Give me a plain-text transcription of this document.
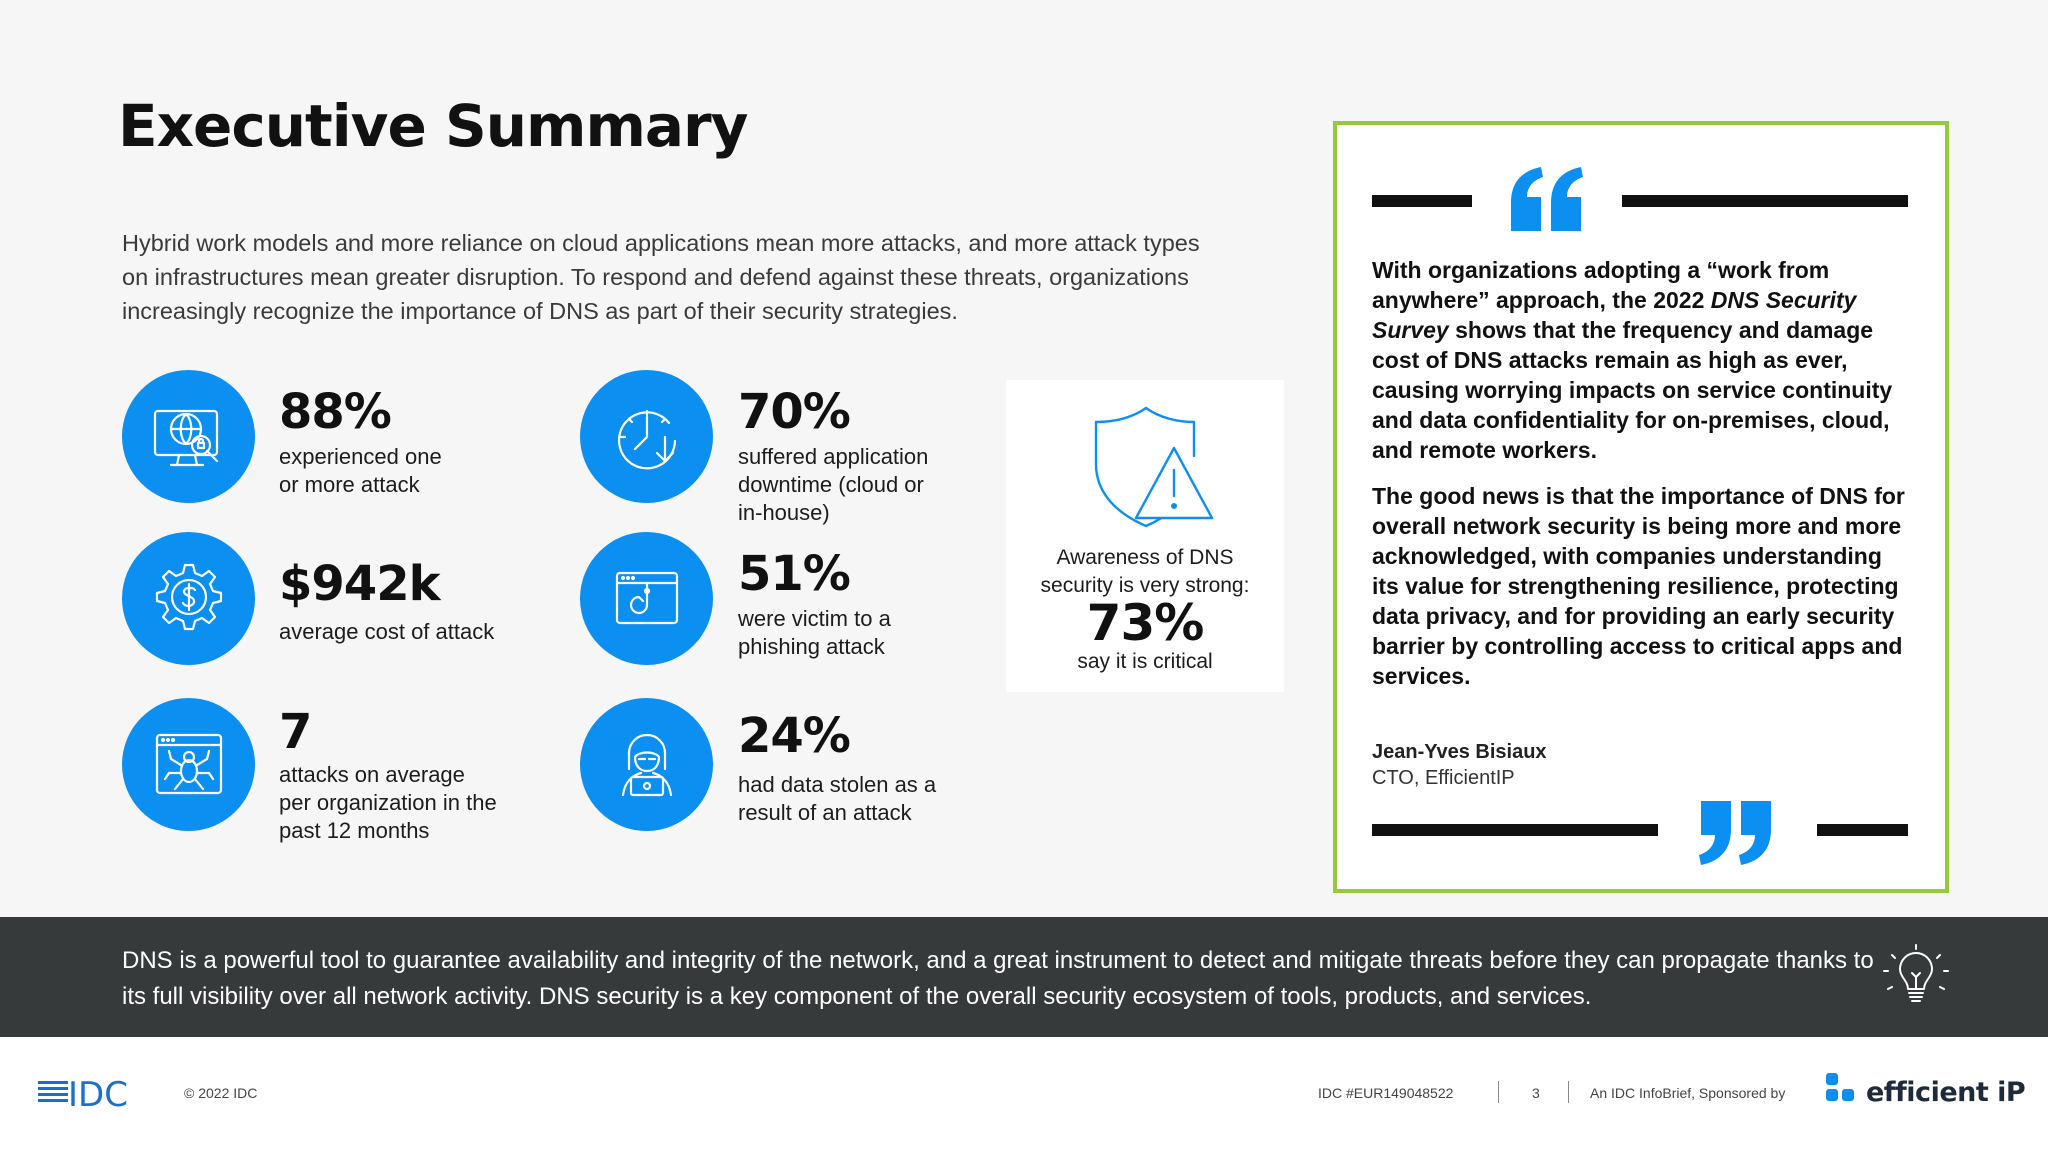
Executive Summary
Hybrid work models and more reliance on cloud applications mean more attacks, and more attack types on infrastructures mean greater disruption. To respond and defend against these threats, organizations increasingly recognize the importance of DNS as part of their security strategies.
88%
experienced one
or more attack
70%
suffered application
downtime (cloud or
in-house)
$942k
average cost of attack
51%
were victim to a
phishing attack
7
attacks on average
per organization in the
past 12 months
24%
had data stolen as a
result of an attack
Awareness of DNS
security is very strong:
73%
say it is critical

With organizations adopting a “work from anywhere” approach, the 2022 DNS Security Survey shows that the frequency and damage cost of DNS attacks remain as high as ever, causing worrying impacts on service continuity and data confidentiality for on-premises, cloud, and remote workers.

The good news is that the importance of DNS for overall network security is being more and more acknowledged, with companies understanding its value for strengthening resilience, protecting data privacy, and for providing an early security barrier by controlling access to critical apps and services.

Jean-Yves Bisiaux
CTO, EfficientIP
DNS is a powerful tool to guarantee availability and integrity of the network, and a great instrument to detect and mitigate threats before they can propagate thanks to its full visibility over all network activity. DNS security is a key component of the overall security ecosystem of tools, products, and services.
IDC	© 2022 IDC	IDC #EUR149048522	3	An IDC InfoBrief, Sponsored by	efficient iP
